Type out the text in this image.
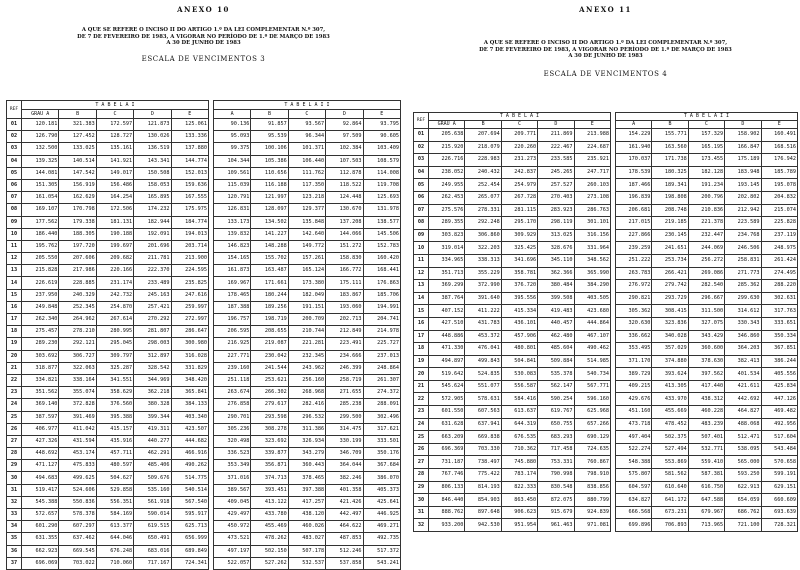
ANEXO 10
A QUE SE REFERE O INCISO II DO ARTIGO 1.º DA LEI COMPLEMENTAR N.º 307,
DE 7 DE FEVEREIRO DE 1983, A VIGORAR NO PERÍODO DE 1.º DE MARÇO DE 1983
A 30 DE JUNHO DE 1983
ESCALA DE VENCIMENTOS 3
REF	T A B E L A I						T A B E L A I I				
	GRAU A	B	C	D	E		A	B	C	D	E
01	120.181	321.383	172.597	121.873	125.061		90.136	91.857	93.567	92.864	93.795
02	126.790	127.452	128.727	130.026	133.336		95.093	95.539	96.344	97.509	90.605
03	132.500	133.025	135.161	136.519	137.880		99.375	100.106	101.371	102.384	103.409
04	139.325	140.514	141.921	143.341	144.774		104.344	105.386	106.440	107.503	108.579
05	144.081	147.542	149.017	150.508	152.013		109.561	110.656	111.762	112.878	114.008
06	151.305	156.919	156.486	158.053	159.636		115.039	116.188	117.350	118.522	119.708
07	161.054	162.629	164.254	165.895	167.555		120.791	121.997	123.218	124.448	125.693
08	169.107	170.798	172.506	174.232	175.975		126.831	128.097	129.377	130.670	131.978
09	177.562	179.338	181.131	182.944	184.774		133.173	134.502	135.848	137.208	138.577
10	186.440	188.305	190.188	192.091	194.013		139.832	141.227	142.640	144.066	145.506
11	195.762	197.720	199.697	201.696	203.714		146.823	148.288	149.772	151.272	152.783
12	205.550	207.606	209.682	211.781	213.900		154.165	155.702	157.261	158.830	160.420
13	215.828	217.986	220.166	222.370	224.595		161.873	163.487	165.124	166.772	168.441
14	226.619	228.885	231.174	233.489	235.825		169.967	171.661	173.380	175.111	176.863
15	237.950	240.329	242.732	245.163	247.616		178.465	180.244	182.049	183.867	185.706
16	249.848	252.345	254.870	257.421	259.997		187.388	189.256	191.151	193.060	194.991
17	262.340	264.962	267.614	270.292	272.997		196.757	198.719	200.709	202.713	204.741
18	275.457	278.210	280.995	281.807	286.647		206.595	208.655	210.744	212.849	214.978
19	289.230	292.121	295.045	298.003	300.980		216.925	219.087	221.281	223.491	225.727
20	303.692	306.727	309.797	312.897	316.028		227.771	230.042	232.345	234.666	237.013
21	318.877	322.063	325.287	328.542	331.829		239.160	241.544	243.962	246.399	248.864
22	334.821	338.164	341.551	344.969	348.420		251.118	253.621	256.160	258.719	261.307
23	351.562	355.074	358.629	362.218	365.841		263.674	266.302	268.968	271.655	274.372
24	369.140	372.828	376.560	380.328	384.133		276.858	279.617	282.416	285.238	288.091
25	387.597	391.469	395.388	399.344	403.340		290.701	293.598	296.532	299.500	302.496
26	406.977	411.042	415.157	419.311	423.507		305.236	308.278	311.386	314.475	317.621
27	427.326	431.594	435.916	440.277	444.682		320.498	323.692	326.934	330.199	333.501
28	448.692	453.174	457.711	462.291	466.916		336.523	339.877	343.279	346.709	350.176
29	471.127	475.833	480.597	485.406	490.262		353.349	356.871	360.443	364.044	367.684
30	494.683	499.625	504.627	509.676	514.775		371.016	374.713	378.465	382.246	386.070
31	519.417	524.606	529.858	535.160	540.514		389.567	393.451	397.388	401.358	405.373
32	545.388	550.836	556.351	561.918	567.540		409.045	413.122	417.257	421.426	425.641
33	572.657	578.378	584.169	590.014	595.917		429.497	433.780	438.120	442.497	446.925
34	601.290	607.297	613.377	619.515	625.713		450.972	455.469	460.026	464.622	469.271
35	631.355	637.462	644.046	650.491	656.999		473.521	478.262	483.027	487.853	492.735
36	662.923	669.545	676.248	683.016	689.849		497.197	502.150	507.178	512.246	517.372
37	696.069	703.022	710.060	717.167	724.341		522.057	527.262	532.537	537.858	543.241
ANEXO 11
A QUE SE REFERE O INCISO II DO ARTIGO 1.º DA LEI COMPLEMENTAR N.º 307,
DE 7 DE FEVEREIRO DE 1983, A VIGORAR NO PERÍODO DE 1.º DE MARÇO DE 1983
A 30 DE JUNHO DE 1983
ESCALA DE VENCIMENTOS 4
REF	T A B E L A I						T A B E L A I I				
	GRAU A	B	C	D	E		A	B	C	D	E
01	205.638	207.694	209.771	211.869	213.988		154.229	155.771	157.329	158.902	160.491
02	215.920	218.079	220.260	222.467	224.687		161.940	163.560	165.195	166.847	168.516
03	226.716	228.983	231.273	233.585	235.921		170.037	171.738	173.455	175.189	176.942
04	238.052	240.432	242.837	245.265	247.717		178.539	180.325	182.128	183.948	185.789
05	249.955	252.454	254.979	257.527	260.103		187.466	189.341	191.234	193.145	195.078
06	262.453	265.077	267.728	270.403	273.108		196.839	198.808	200.796	202.802	204.832
07	275.576	278.331	281.115	283.923	286.763		206.681	208.748	210.836	212.942	215.074
08	289.355	292.248	295.170	298.119	301.101		217.015	219.185	221.378	223.589	225.828
09	303.823	306.860	309.929	313.025	316.156		227.866	230.145	232.447	234.768	237.119
10	319.014	322.203	325.425	328.676	331.964		239.259	241.651	244.069	246.506	248.975
11	334.965	338.313	341.696	345.110	348.562		251.222	253.734	256.272	258.831	261.424
12	351.713	355.229	358.781	362.366	365.990		263.783	266.421	269.086	271.773	274.495
13	369.299	372.990	376.720	380.484	384.290		276.972	279.742	282.540	285.362	288.220
14	387.764	391.640	395.556	399.508	403.505		290.821	293.729	296.667	299.630	302.631
15	407.152	411.222	415.334	419.483	423.680		305.362	308.415	311.500	314.612	317.763
16	427.510	431.783	436.101	440.457	444.864		320.630	323.836	327.075	330.343	333.651
17	448.886	453.372	457.906	462.480	467.107		336.662	340.028	343.429	346.860	350.334
18	471.330	476.041	480.801	485.604	490.462		353.495	357.029	360.600	364.203	367.851
19	494.897	499.843	504.841	509.884	514.985		371.170	374.880	378.630	382.413	386.244
20	519.642	524.835	530.083	535.378	540.734		389.729	393.624	397.562	401.534	405.556
21	545.624	551.077	556.587	562.147	567.771		409.215	413.305	417.440	421.611	425.834
22	572.905	578.631	584.416	590.254	596.160		429.676	433.970	438.312	442.692	447.126
23	601.550	607.563	613.637	619.767	625.968		451.160	455.669	460.228	464.827	469.482
24	631.628	637.941	644.319	650.755	657.266		473.718	478.452	483.239	488.068	492.956
25	663.209	669.838	676.535	683.293	690.129		497.404	502.375	507.401	512.471	517.604
26	696.369	703.330	710.362	717.458	724.635		522.274	527.494	532.771	538.095	543.484
27	731.187	738.497	745.880	753.331	760.867		548.388	553.869	559.410	565.000	570.658
28	767.746	775.422	783.174	790.998	798.910		575.807	581.562	587.381	593.250	599.191
29	806.133	814.193	822.333	830.548	838.856		604.597	610.640	616.750	622.913	629.151
30	846.440	854.903	863.450	872.075	880.799		634.827	641.172	647.588	654.059	660.609
31	888.762	897.648	906.623	915.679	924.839		666.568	673.231	679.967	686.762	693.639
32	933.200	942.530	951.954	961.463	971.081		699.896	706.893	713.965	721.100	728.321
